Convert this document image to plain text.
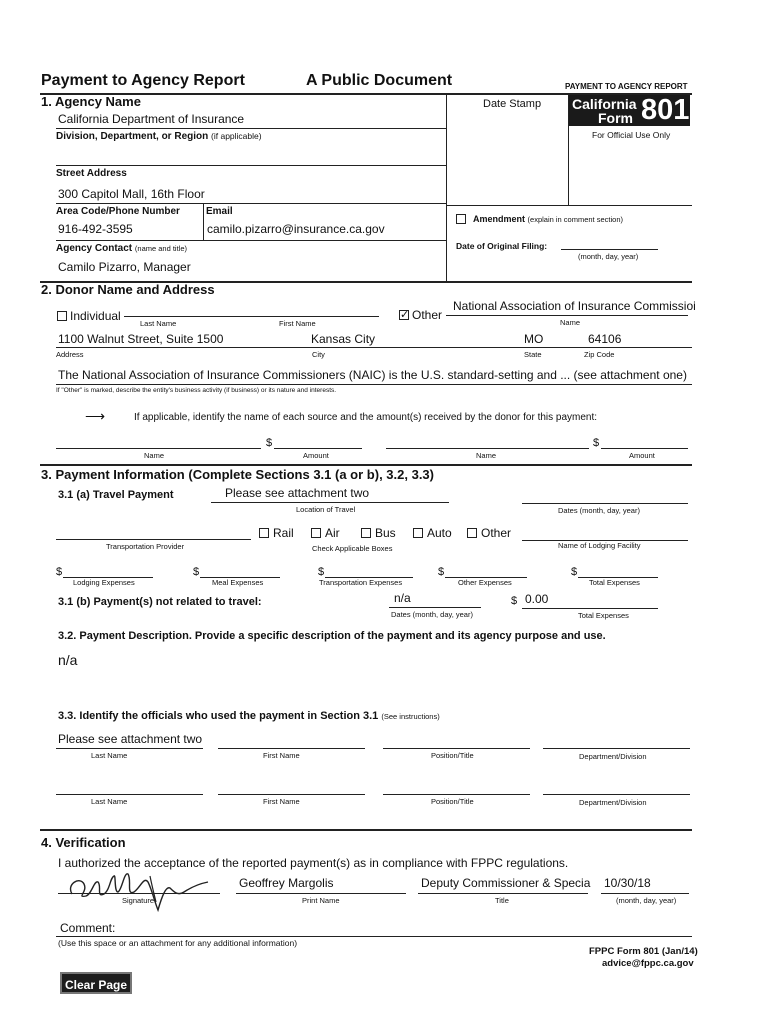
Payment to Agency Report	A Public Document	PAYMENT TO AGENCY REPORT
California
Form 801
For Official Use Only
Date Stamp
1. Agency Name
California Department of Insurance
Division, Department, or Region (if applicable)
Street Address
300 Capitol Mall, 16th Floor
Area Code/Phone Number	Email
916-492-3595	camilo.pizarro@insurance.ca.gov
Agency Contact (name and title)
Camilo Pizarro, Manager
Amendment (explain in comment section)
Date of Original Filing:
(month, day, year)
2. Donor Name and Address
Individual
Last Name	First Name
✓
Other
National Association of Insurance Commissioi
Name
1100 Walnut Street, Suite 1500	Kansas City	MO	64106
Address	City	State	Zip Code
The National Association of Insurance Commissioners (NAIC) is the U.S. standard-setting and ... (see attachment one)
If "Other" is marked, describe the entity's business activity (if business) or its nature and interests.
⟶	If applicable, identify the name of each source and the amount(s) received by the donor for this payment:
$
Name	Amount
$
Name	Amount
3. Payment Information (Complete Sections 3.1 (a or b), 3.2, 3.3)
3.1 (a) Travel Payment	Please see attachment two
Location of Travel	Dates (month, day, year)
Transportation Provider
Rail	Air	Bus	Auto Other
Check Applicable Boxes	Name of Lodging Facility
$
Lodging Expenses
$
Meal Expenses
$
Transportation Expenses
$
Other Expenses
$
Total Expenses
3.1 (b) Payment(s) not related to travel:	n/a
Dates (month, day, year)
$ 0.00
Total Expenses
3.2. Payment Description. Provide a specific description of the payment and its agency purpose and use.
n/a
3.3. Identify the officials who used the payment in Section 3.1 (See instructions)
Please see attachment two
Last Name	First Name	Position/Title	Department/Division
Last Name	First Name	Position/Title	Department/Division
4. Verification
I authorized the acceptance of the reported payment(s) as in compliance with FPPC regulations.
Geoffrey Margolis	Deputy Commissioner & Specia 10/30/18
Signature	Print Name	Title	(month, day, year)
Comment:
(Use this space or an attachment for any additional information)
FPPC Form 801 (Jan/14)
advice@fppc.ca.gov
Clear Page
